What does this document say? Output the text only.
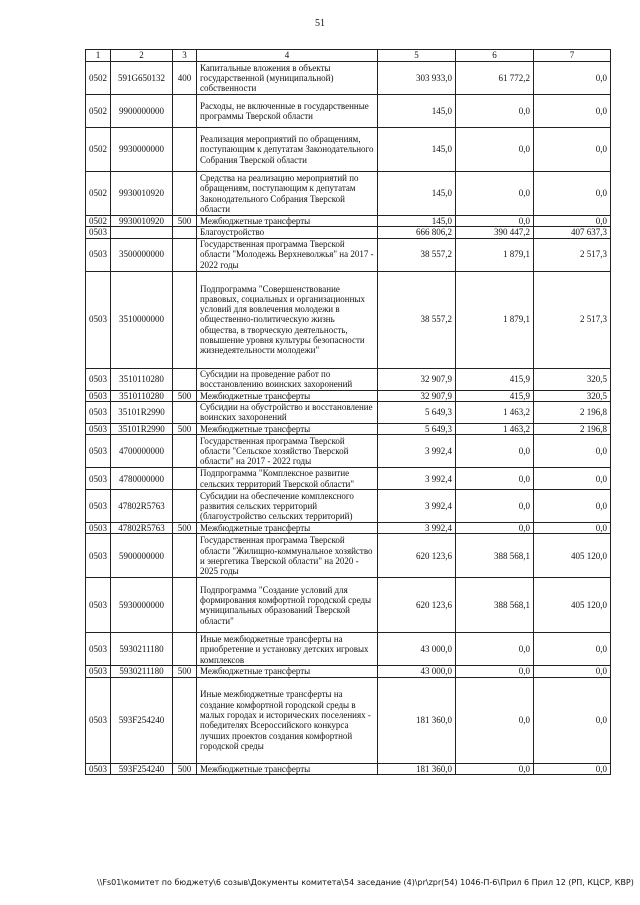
51
1	2	3	4	5	6	7
0502	591G650132	400	Капитальные вложения в объекты государственной (муниципальной) собственности	303 933,0	61 772,2	0,0
0502	9900000000		Расходы, не включенные в государственные программы Тверской области	145,0	0,0	0,0
0502	9930000000		Реализация мероприятий по обращениям, поступающим к депутатам Законодательного Собрания Тверской области	145,0	0,0	0,0
0502	9930010920		Средства на реализацию мероприятий по обращениям, поступающим к депутатам Законодательного Собрания Тверской области	145,0	0,0	0,0
0502	9930010920	500	Межбюджетные трансферты	145,0	0,0	0,0
0503			Благоустройство	666 806,2	390 447,2	407 637,3
0503	3500000000		Государственная программа Тверской области "Молодежь Верхневолжья" на 2017 - 2022 годы	38 557,2	1 879,1	2 517,3
0503	3510000000		Подпрограмма "Совершенствование правовых, социальных и организационных условий для вовлечения молодежи в общественно-политическую жизнь общества, в творческую деятельность, повышение уровня культуры безопасности жизнедеятельности молодежи"	38 557,2	1 879,1	2 517,3
0503	3510110280		Субсидии на проведение работ по восстановлению воинских захоронений	32 907,9	415,9	320,5
0503	3510110280	500	Межбюджетные трансферты	32 907,9	415,9	320,5
0503	35101R2990		Субсидии на обустройство и восстановление воинских захоронений	5 649,3	1 463,2	2 196,8
0503	35101R2990	500	Межбюджетные трансферты	5 649,3	1 463,2	2 196,8
0503	4700000000		Государственная программа Тверской области "Сельское хозяйство Тверской области" на 2017 - 2022 годы	3 992,4	0,0	0,0
0503	4780000000		Подпрограмма "Комплексное развитие сельских территорий Тверской области"	3 992,4	0,0	0,0
0503	47802R5763		Субсидии на обеспечение комплексного развития сельских территорий (благоустройство сельских территорий)	3 992,4	0,0	0,0
0503	47802R5763	500	Межбюджетные трансферты	3 992,4	0,0	0,0
0503	5900000000		Государственная программа Тверской области "Жилищно-коммунальное хозяйство и энергетика Тверской области" на 2020 - 2025 годы	620 123,6	388 568,1	405 120,0
0503	5930000000		Подпрограмма "Создание условий для формирования комфортной городской среды муниципальных образований Тверской области"	620 123,6	388 568,1	405 120,0
0503	5930211180		Иные межбюджетные трансферты на приобретение и установку детских игровых комплексов	43 000,0	0,0	0,0
0503	5930211180	500	Межбюджетные трансферты	43 000,0	0,0	0,0
0503	593F254240		Иные межбюджетные трансферты на создание комфортной городской среды в малых городах и исторических поселениях - победителях Всероссийского конкурса лучших проектов создания комфортной городской среды	181 360,0	0,0	0,0
0503	593F254240	500	Межбюджетные трансферты	181 360,0	0,0	0,0
\\Fs01\комитет по бюджету\6 созыв\Документы комитета\54 заседание (4)\pr\zpr(54) 1046-П-6\Прил 6 Прил 12 (РП, КЦСР, КВР)
